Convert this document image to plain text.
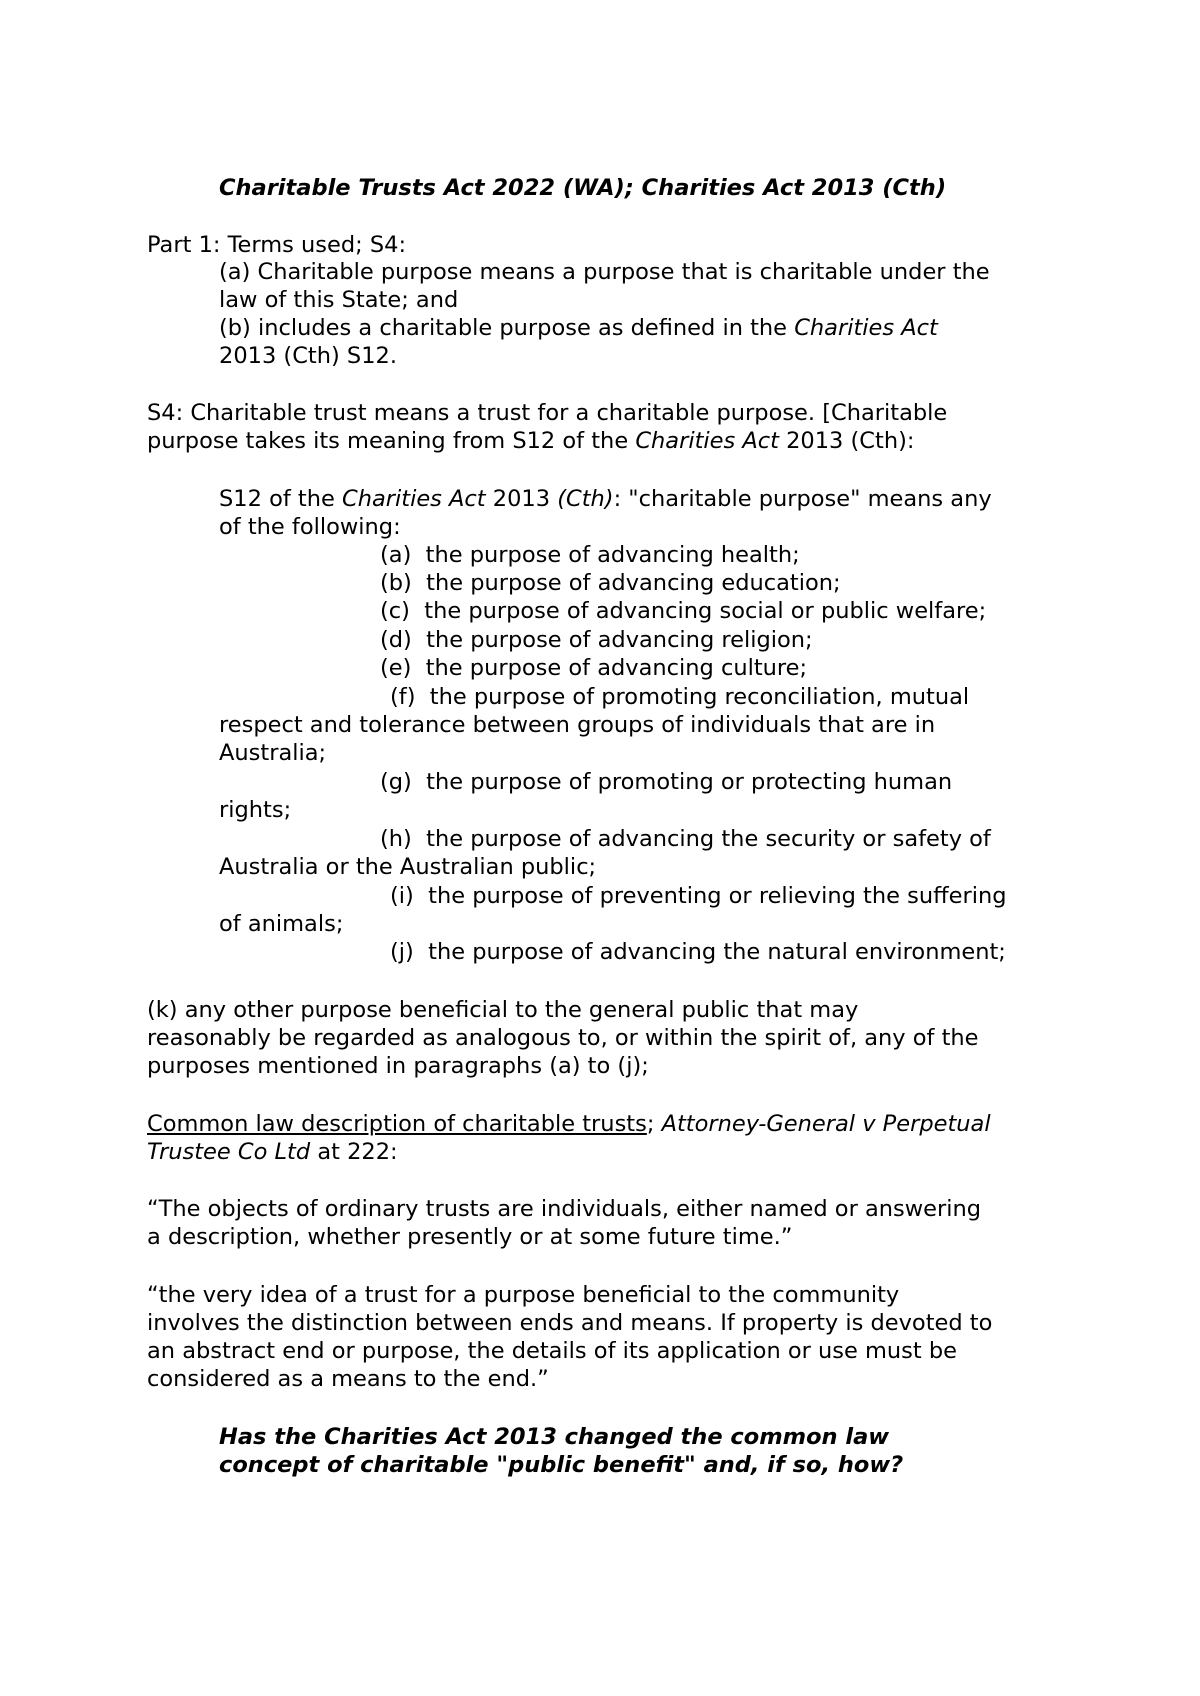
Charitable Trusts Act 2022 (WA); Charities Act 2013 (Cth)

Part 1: Terms used; S4:

(a) Charitable purpose means a purpose that is charitable under the

law of this State; and

(b) includes a charitable purpose as defined in the Charities Act

2013 (Cth) S12.

S4: Charitable trust means a trust for a charitable purpose. [Charitable

purpose takes its meaning from S12 of the Charities Act 2013 (Cth):

S12 of the Charities Act 2013 (Cth): "charitable purpose" means any

of the following:

(a) the purpose of advancing health;

(b) the purpose of advancing education;

(c) the purpose of advancing social or public welfare;

(d) the purpose of advancing religion;

(e) the purpose of advancing culture;

(f) the purpose of promoting reconciliation, mutual

respect and tolerance between groups of individuals that are in

Australia;

(g) the purpose of promoting or protecting human

rights;

(h) the purpose of advancing the security or safety of

Australia or the Australian public;

(i) the purpose of preventing or relieving the suffering

of animals;

(j) the purpose of advancing the natural environment;

(k) any other purpose beneficial to the general public that may

reasonably be regarded as analogous to, or within the spirit of, any of the

purposes mentioned in paragraphs (a) to (j);

Common law description of charitable trusts; Attorney-General v Perpetual

Trustee Co Ltd at 222:

“The objects of ordinary trusts are individuals, either named or answering

a description, whether presently or at some future time.”

“the very idea of a trust for a purpose beneficial to the community

involves the distinction between ends and means. If property is devoted to

an abstract end or purpose, the details of its application or use must be

considered as a means to the end.”

Has the Charities Act 2013 changed the common law

concept of charitable "public benefit" and, if so, how?
